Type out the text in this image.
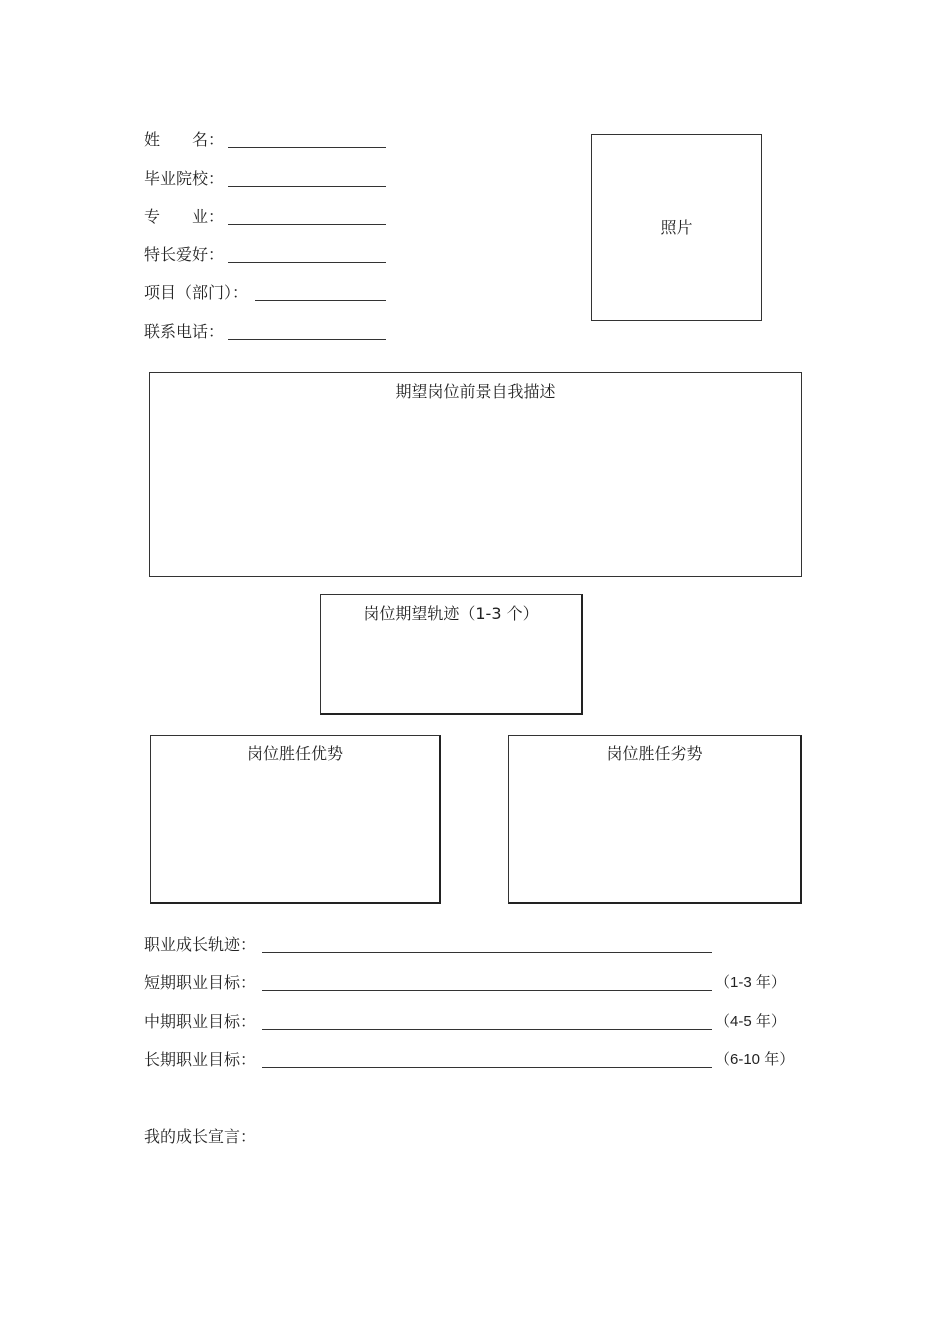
姓　　名：
毕业院校：
专　　业：
特长爱好：
项目（部门）：
联系电话：
照片
期望岗位前景自我描述
岗位期望轨迹（1-3 个）
岗位胜任优势	岗位胜任劣势
职业成长轨迹：
短期职业目标：	（1-3 年）
中期职业目标：	（4-5 年）
长期职业目标：	（6-10 年）
我的成长宣言：
